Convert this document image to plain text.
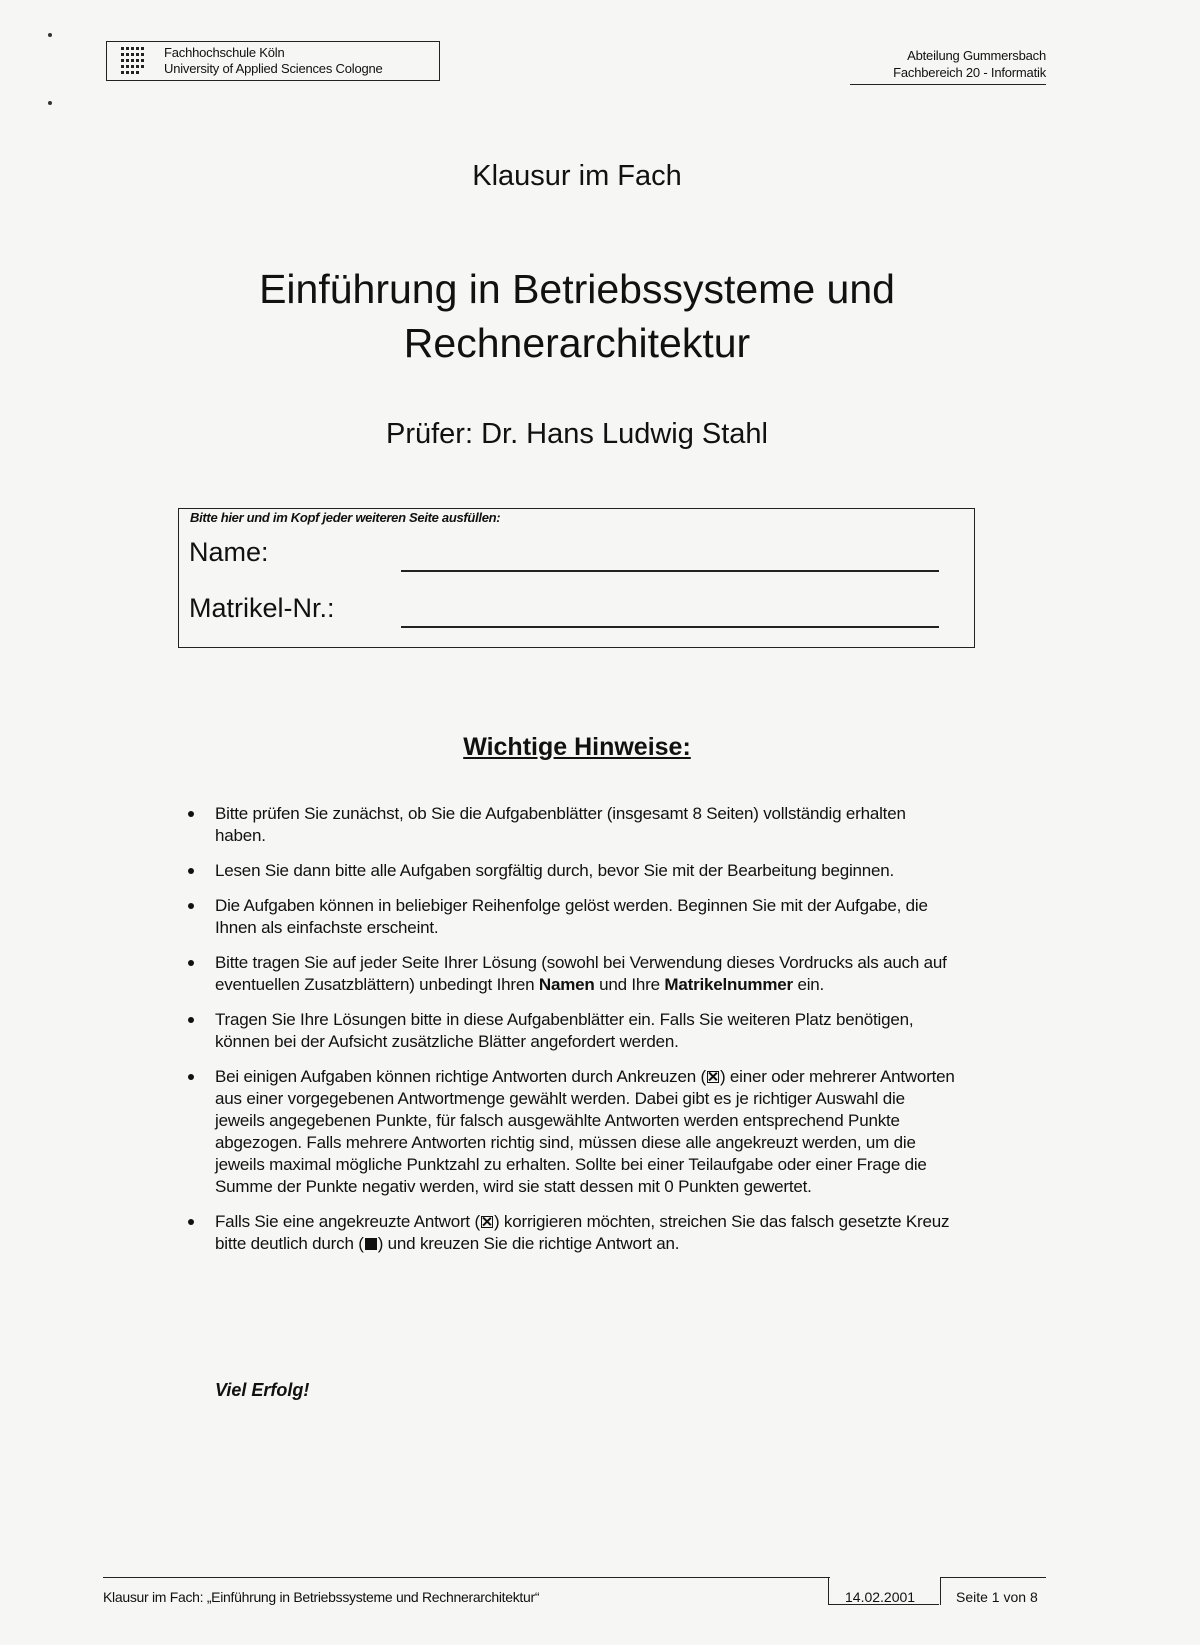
Fachhochschule Köln
University of Applied Sciences Cologne
Abteilung Gummersbach
Fachbereich 20 - Informatik
Klausur im Fach
Einführung in Betriebssysteme und
Rechnerarchitektur
Prüfer: Dr. Hans Ludwig Stahl
Bitte hier und im Kopf jeder weiteren Seite ausfüllen:
Name:
Matrikel-Nr.:
Wichtige Hinweise:
Bitte prüfen Sie zunächst, ob Sie die Aufgabenblätter (insgesamt 8 Seiten) vollständig erhalten haben.
Lesen Sie dann bitte alle Aufgaben sorgfältig durch, bevor Sie mit der Bearbeitung beginnen.
Die Aufgaben können in beliebiger Reihenfolge gelöst werden. Beginnen Sie mit der Aufgabe, die Ihnen als einfachste erscheint.
Bitte tragen Sie auf jeder Seite Ihrer Lösung (sowohl bei Verwendung dieses Vordrucks als auch auf eventuellen Zusatzblättern) unbedingt Ihren Namen und Ihre Matrikelnummer ein.
Tragen Sie Ihre Lösungen bitte in diese Aufgabenblätter ein. Falls Sie weiteren Platz benötigen, können bei der Aufsicht zusätzliche Blätter angefordert werden.
Bei einigen Aufgaben können richtige Antworten durch Ankreuzen ( ) einer oder mehrerer Antworten aus einer vorgegebenen Antwortmenge gewählt werden. Dabei gibt es je richtiger Auswahl die jeweils angegebenen Punkte, für falsch ausgewählte Antworten werden entsprechend Punkte abgezogen. Falls mehrere Antworten richtig sind, müssen diese alle angekreuzt werden, um die jeweils maximal mögliche Punktzahl zu erhalten. Sollte bei einer Teilaufgabe oder einer Frage die Summe der Punkte negativ werden, wird sie statt dessen mit 0 Punkten gewertet.
Falls Sie eine angekreuzte Antwort ( ) korrigieren möchten, streichen Sie das falsch gesetzte Kreuz bitte deutlich durch ( ) und kreuzen Sie die richtige Antwort an.
Viel Erfolg!
Klausur im Fach: „Einführung in Betriebssysteme und Rechnerarchitektur“	14.02.2001	Seite 1 von 8
